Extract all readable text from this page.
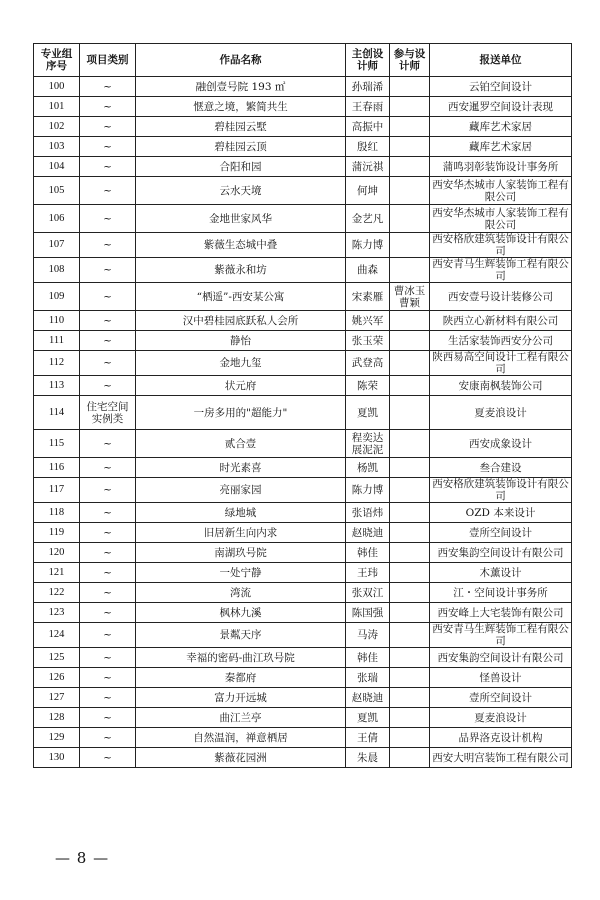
专业组序号	项目类别	作品名称	主创设计师	参与设计师	报送单位
100	~	融创壹号院 193 ㎡	孙瑞浠		云铂空间设计
101	~	惬意之境，繁简共生	王春雨		西安暹罗空间设计表现
102	~	碧桂园云墅	高振中		藏库艺术家居
103	~	碧桂园云顶	殷红		藏库艺术家居
104	~	合阳和园	蒲沅祺		蒲鸣羽彰装饰设计事务所
105	~	云水天境	何坤		西安华杰城市人家装饰工程有限公司
106	~	金地世家风华	金艺凡		西安华杰城市人家装饰工程有限公司
107	~	紫薇生态城中叠	陈力博		西安格欣建筑装饰设计有限公司
108	~	紫薇永和坊	曲森		西安青马生辉装饰工程有限公司
109	~	“栖遥”-西安某公寓	宋素雁	曹冰玉 曹颖	西安壹号设计装修公司
110	~	汉中碧桂园底跃私人会所	姚兴军		陕西立心新材料有限公司
111	~	静怡	张玉荣		生活家装饰西安分公司
112	~	金地九玺	武登高		陕西易高空间设计工程有限公司
113	~	状元府	陈荣		安康南枫装饰公司
114	住宅空间实例类	一房多用的"超能力"	夏凯		夏麦浪设计
115	~	贰合壹	程奕达 展泥泥		西安成象设计
116	~	时光素喜	杨凯		叁合建设
117	~	亮丽家园	陈力博		西安格欣建筑装饰设计有限公司
118	~	绿地城	张语炜		OZD 本来设计
119	~	旧居新生向内求	赵晓迪		壹所空间设计
120	~	南湖玖号院	韩佳		西安集韵空间设计有限公司
121	~	一处宁静	王玮		木薰设计
122	~	湾流	张双江		江・空间设计事务所
123	~	枫林九溪	陈国强		西安峰上大宅装饰有限公司
124	~	景粼天序	马涛		西安青马生辉装饰工程有限公司
125	~	幸福的密码-曲江玖号院	韩佳		西安集韵空间设计有限公司
126	~	秦都府	张瑞		怪兽设计
127	~	富力开远城	赵晓迪		壹所空间设计
128	~	曲江兰亭	夏凯		夏麦浪设计
129	~	自然温润，禅意栖居	王倩		品界洛克设计机构
130	~	紫薇花园洲	朱晨		西安大明宫装饰工程有限公司
— 8 —
